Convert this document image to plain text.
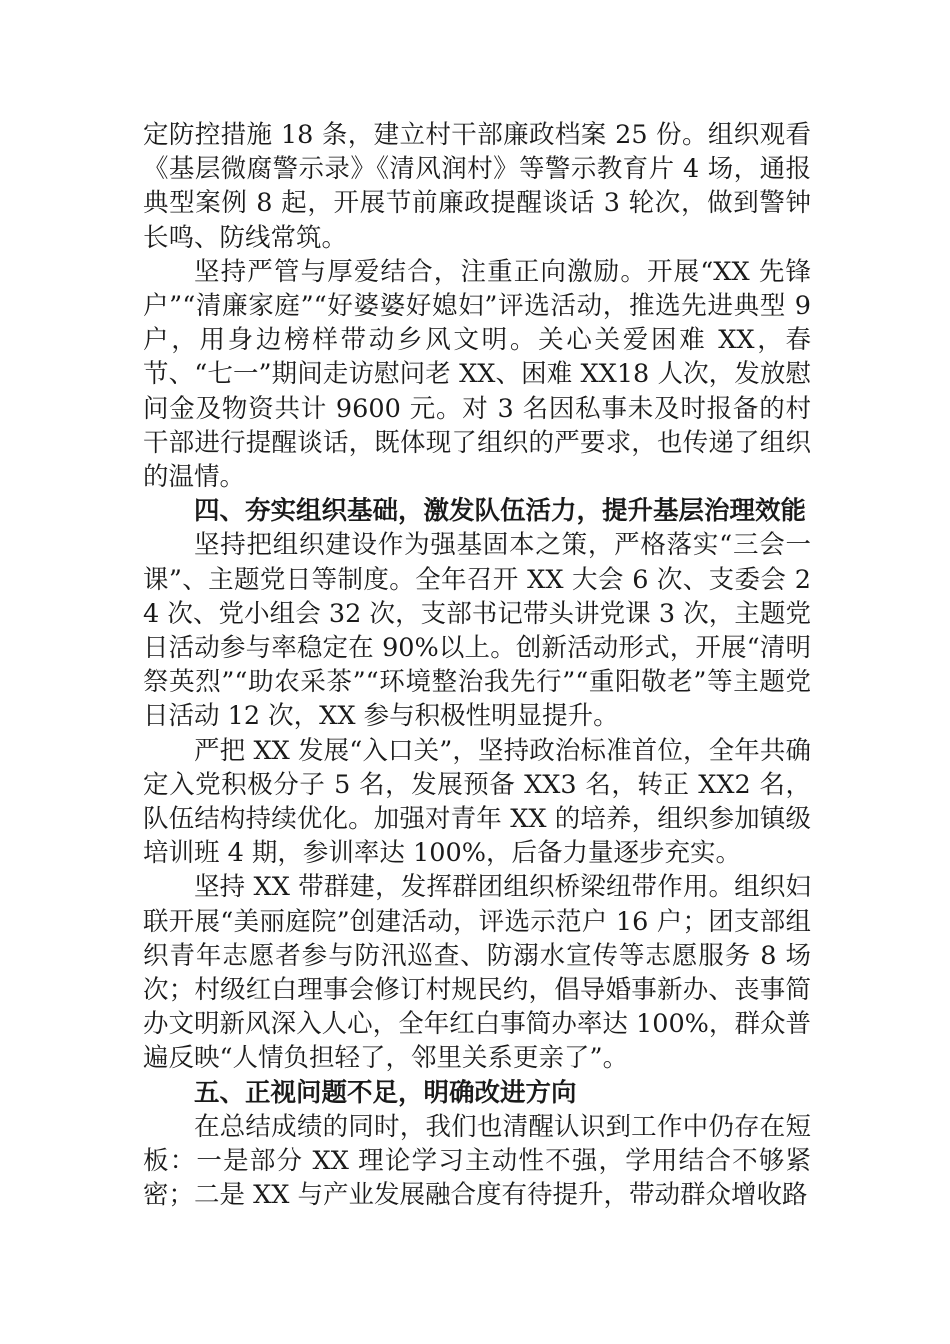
定防控措施 18 条，建立村干部廉政档案 25 份。组织观看《基层微腐警示录》《清风润村》等警示教育片 4 场，通报典型案例 8 起，开展节前廉政提醒谈话 3 轮次，做到警钟长鸣、防线常筑。

坚持严管与厚爱结合，注重正向激励。开展“XX 先锋户”“清廉家庭”“好婆婆好媳妇”评选活动，推选先进典型 9 户，用身边榜样带动乡风文明。关心关爱困难 XX，春节、“七一”期间走访慰问老 XX、困难 XX18 人次，发放慰问金及物资共计 9600 元。对 3 名因私事未及时报备的村干部进行提醒谈话，既体现了组织的严要求，也传递了组织的温情。

四、夯实组织基础，激发队伍活力，提升基层治理效能

坚持把组织建设作为强基固本之策，严格落实“三会一课”、主题党日等制度。全年召开 XX 大会 6 次、支委会 24 次、党小组会 32 次，支部书记带头讲党课 3 次，主题党日活动参与率稳定在 90%以上。创新活动形式，开展“清明祭英烈”“助农采茶”“环境整治我先行”“重阳敬老”等主题党日活动 12 次，XX 参与积极性明显提升。

严把 XX 发展“入口关”，坚持政治标准首位，全年共确定入党积极分子 5 名，发展预备 XX3 名，转正 XX2 名，队伍结构持续优化。加强对青年 XX 的培养，组织参加镇级培训班 4 期，参训率达 100%，后备力量逐步充实。

坚持 XX 带群建，发挥群团组织桥梁纽带作用。组织妇联开展“美丽庭院”创建活动，评选示范户 16 户；团支部组织青年志愿者参与防汛巡查、防溺水宣传等志愿服务 8 场次；村级红白理事会修订村规民约，倡导婚事新办、丧事简办文明新风深入人心，全年红白事简办率达 100%，群众普遍反映“人情负担轻了，邻里关系更亲了”。

五、正视问题不足，明确改进方向

在总结成绩的同时，我们也清醒认识到工作中仍存在短板：一是部分 XX 理论学习主动性不强，学用结合不够紧密；二是 XX 与产业发展融合度有待提升，带动群众增收路
